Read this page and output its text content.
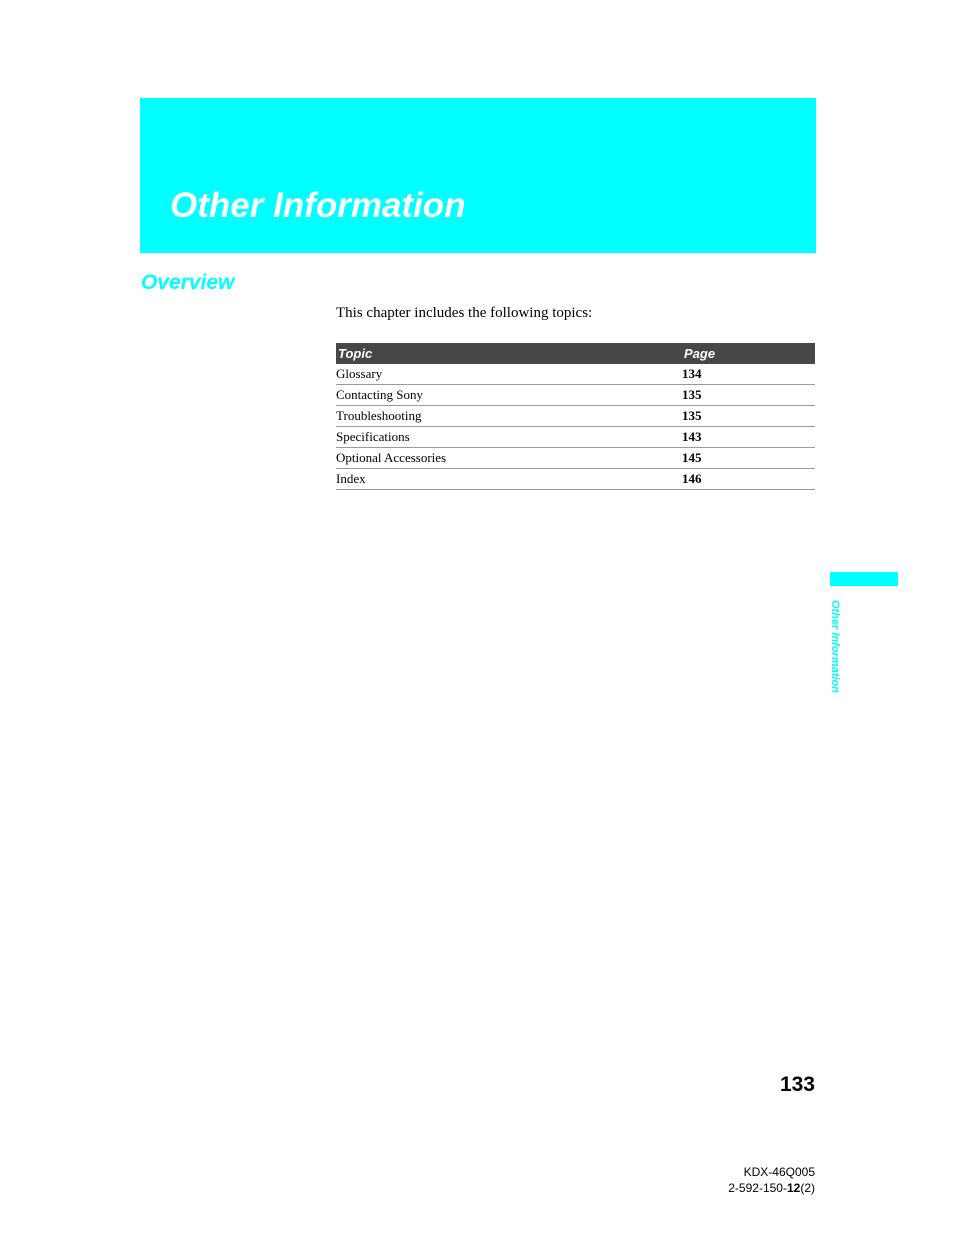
Other Information
Overview

This chapter includes the following topics:

Topic	Page
Glossary	134
Contacting Sony	135
Troubleshooting	135
Specifications	143
Optional Accessories	145
Index	146
Other Information

133

KDX-46Q005
2-592-150-12(2)
